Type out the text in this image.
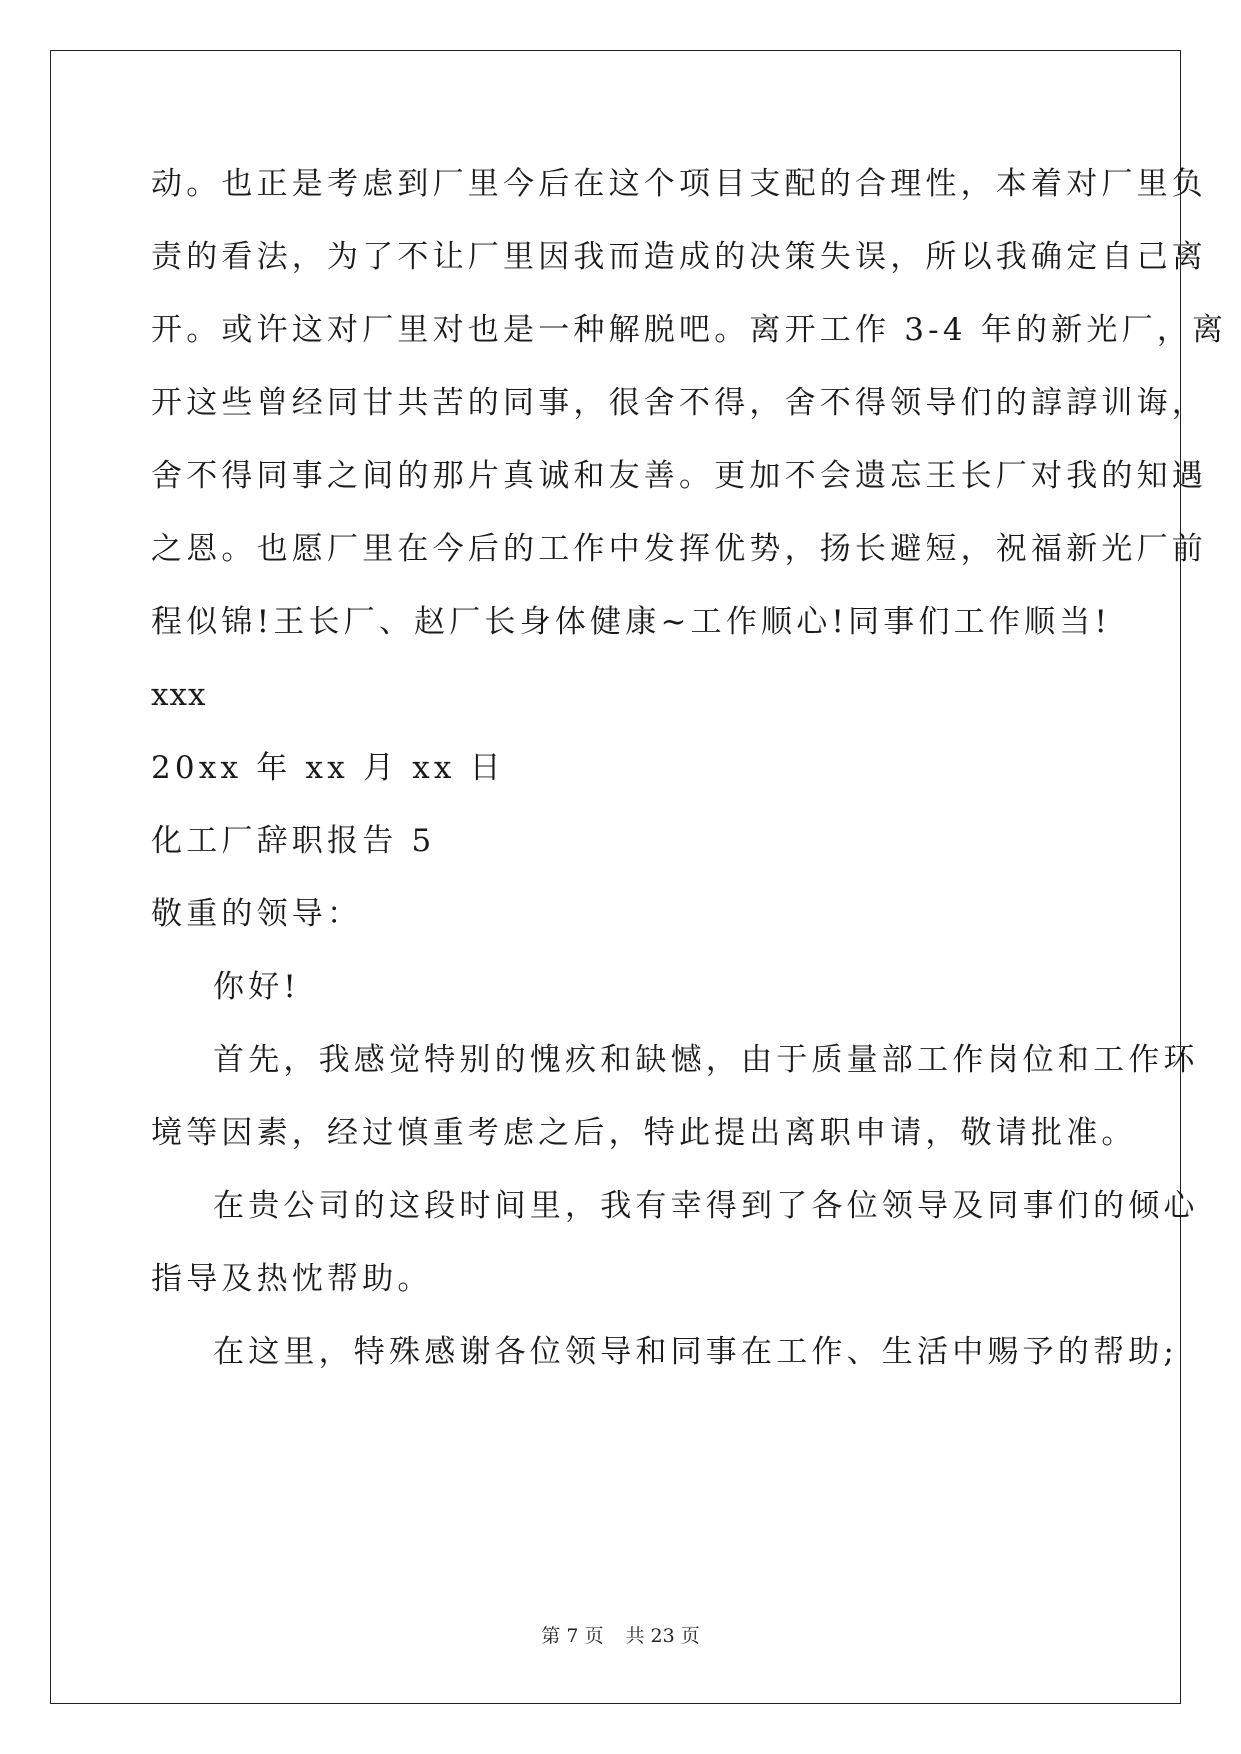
动。也正是考虑到厂里今后在这个项目支配的合理性，本着对厂里负
责的看法，为了不让厂里因我而造成的决策失误，所以我确定自己离
开。或许这对厂里对也是一种解脱吧。离开工作 3-4 年的新光厂，离
开这些曾经同甘共苦的同事，很舍不得，舍不得领导们的諄諄训诲，
舍不得同事之间的那片真诚和友善。更加不会遗忘王长厂对我的知遇
之恩。也愿厂里在今后的工作中发挥优势，扬长避短，祝福新光厂前
程似锦!王长厂、赵厂长身体健康~工作顺心!同事们工作顺当!
xxx
20xx 年 xx 月 xx 日
化工厂辞职报告 5
敬重的领导：
你好!
首先，我感觉特别的愧疚和缺憾，由于质量部工作岗位和工作环
境等因素，经过慎重考虑之后，特此提出离职申请，敬请批准。
在贵公司的这段时间里，我有幸得到了各位领导及同事们的倾心
指导及热忱帮助。
在这里，特殊感谢各位领导和同事在工作、生活中赐予的帮助;
第 7 页 共 23 页
